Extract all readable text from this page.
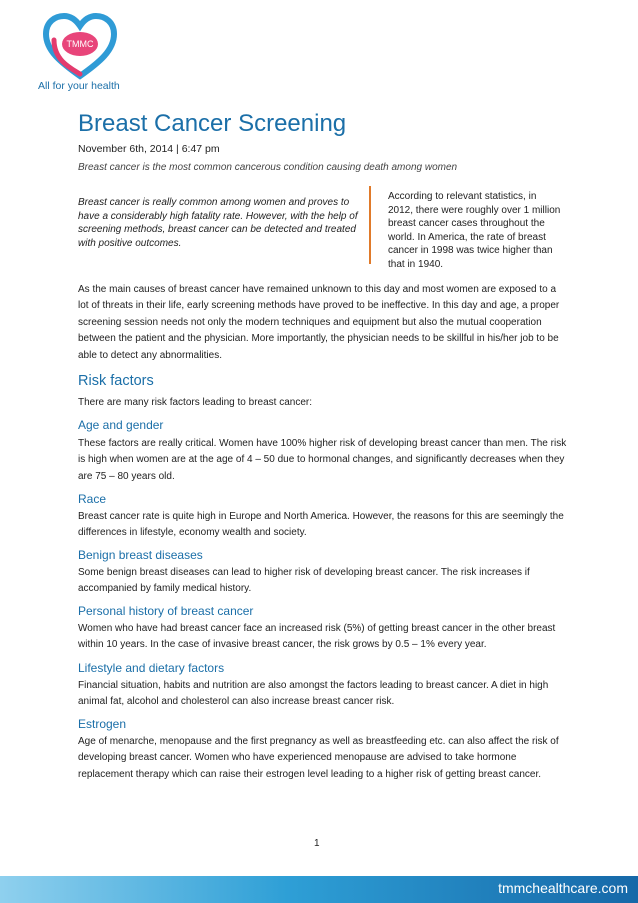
TMMC
All for your health
Breast Cancer Screening
November 6th, 2014 | 6:47 pm
Breast cancer is the most common cancerous condition causing death among women
Breast cancer is really common among women and proves to have a considerably high fatality rate. However, with the help of screening methods, breast cancer can be detected and treated with positive outcomes.
According to relevant statistics, in 2012, there were roughly over 1 million breast cancer cases throughout the world. In America, the rate of breast cancer in 1998 was twice higher than that in 1940.
As the main causes of breast cancer have remained unknown to this day and most women are exposed to a lot of threats in their life, early screening methods have proved to be ineffective. In this day and age, a proper screening session needs not only the modern techniques and equipment but also the mutual cooperation between the patient and the physician. More importantly, the physician needs to be skillful in his/her job to be able to detect any abnormalities.
Risk factors
There are many risk factors leading to breast cancer:
Age and gender
These factors are really critical. Women have 100% higher risk of developing breast cancer than men. The risk is high when women are at the age of 4 – 50 due to hormonal changes, and significantly decreases when they are 75 – 80 years old.
Race
Breast cancer rate is quite high in Europe and North America. However, the reasons for this are seemingly the differences in lifestyle, economy wealth and society.
Benign breast diseases
Some benign breast diseases can lead to higher risk of developing breast cancer. The risk increases if accompanied by family medical history.
Personal history of breast cancer
Women who have had breast cancer face an increased risk (5%) of getting breast cancer in the other breast within 10 years. In the case of invasive breast cancer, the risk grows by 0.5 – 1% every year.
Lifestyle and dietary factors
Financial situation, habits and nutrition are also amongst the factors leading to breast cancer. A diet in high animal fat, alcohol and cholesterol can also increase breast cancer risk.
Estrogen
Age of menarche, menopause and the first pregnancy as well as breastfeeding etc. can also affect the risk of developing breast cancer. Women who have experienced menopause are advised to take hormone replacement therapy which can raise their estrogen level leading to a higher risk of getting breast cancer.
1
tmmchealthcare.com
